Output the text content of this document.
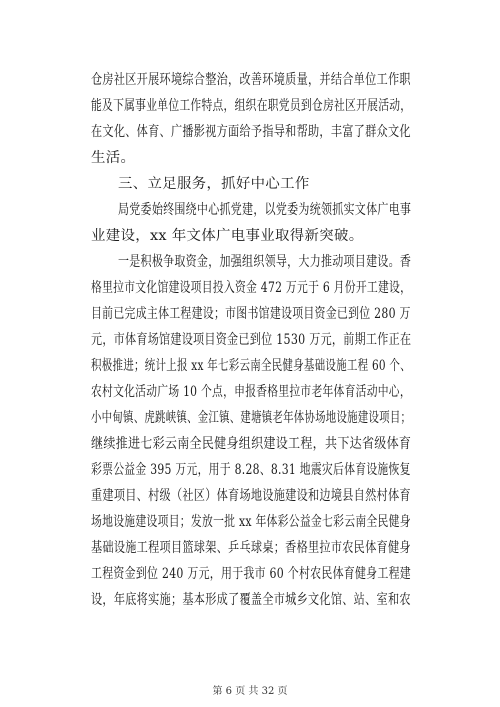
仓房社区开展环境综合整治，改善环境质量，并结合单位工作职
能及下属事业单位工作特点，组织在职党员到仓房社区开展活动，
在文化、体育、广播影视方面给予指导和帮助，丰富了群众文化
生活。
三、立足服务，抓好中心工作
局党委始终围绕中心抓党建，以党委为统领抓实文体广电事
业建设，xx 年文体广电事业取得新突破。
一是积极争取资金，加强组织领导，大力推动项目建设。香
格里拉市文化馆建设项目投入资金 472 万元于 6 月份开工建设，
目前已完成主体工程建设；市图书馆建设项目资金已到位 280 万
元，市体育场馆建设项目资金已到位 1530 万元，前期工作正在
积极推进；统计上报 xx 年七彩云南全民健身基础设施工程 60 个、
农村文化活动广场 10 个点，申报香格里拉市老年体育活动中心，
小中甸镇、虎跳峡镇、金江镇、建塘镇老年体协场地设施建设项目；
继续推进七彩云南全民健身组织建设工程，共下达省级体育
彩票公益金 395 万元，用于 8.28、8.31 地震灾后体育设施恢复
重建项目、村级（社区）体育场地设施建设和边境县自然村体育
场地设施建设项目；发放一批 xx 年体彩公益金七彩云南全民健身
基础设施工程项目篮球架、乒乓球桌；香格里拉市农民体育健身
工程资金到位 240 万元，用于我市 60 个村农民体育健身工程建
设，年底将实施；基本形成了覆盖全市城乡文化馆、站、室和农
第 6 页 共 32 页
